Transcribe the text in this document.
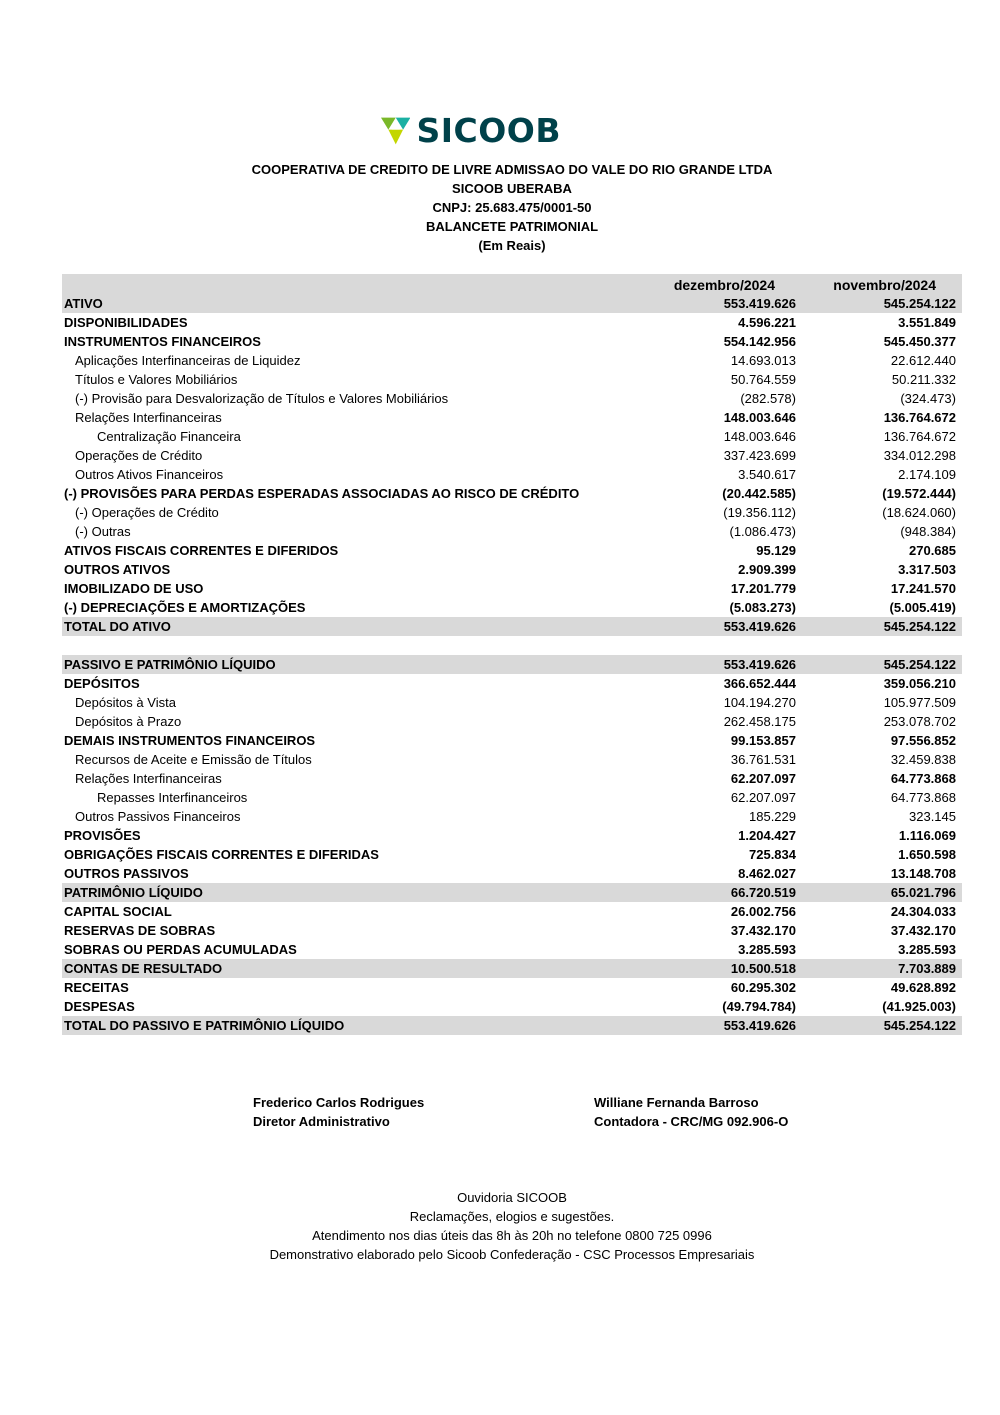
SICOOB
COOPERATIVA DE CREDITO DE LIVRE ADMISSAO DO VALE DO RIO GRANDE LTDA
SICOOB UBERABA
CNPJ: 25.683.475/0001-50
BALANCETE PATRIMONIAL
(Em Reais)
dezembro/2024	novembro/2024
ATIVO	553.419.626	545.254.122
DISPONIBILIDADES	4.596.221	3.551.849
INSTRUMENTOS FINANCEIROS	554.142.956	545.450.377
Aplicações Interfinanceiras de Liquidez	14.693.013	22.612.440
Títulos e Valores Mobiliários	50.764.559	50.211.332
(-) Provisão para Desvalorização de Títulos e Valores Mobiliários	(282.578)	(324.473)
Relações Interfinanceiras	148.003.646	136.764.672
Centralização Financeira	148.003.646	136.764.672
Operações de Crédito	337.423.699	334.012.298
Outros Ativos Financeiros	3.540.617	2.174.109
(-) PROVISÕES PARA PERDAS ESPERADAS ASSOCIADAS AO RISCO DE CRÉDITO	(20.442.585)	(19.572.444)
(-) Operações de Crédito	(19.356.112)	(18.624.060)
(-) Outras	(1.086.473)	(948.384)
ATIVOS FISCAIS CORRENTES E DIFERIDOS	95.129	270.685
OUTROS ATIVOS	2.909.399	3.317.503
IMOBILIZADO DE USO	17.201.779	17.241.570
(-) DEPRECIAÇÕES E AMORTIZAÇÕES	(5.083.273)	(5.005.419)
TOTAL DO ATIVO	553.419.626	545.254.122
PASSIVO E PATRIMÔNIO LÍQUIDO	553.419.626	545.254.122
DEPÓSITOS	366.652.444	359.056.210
Depósitos à Vista	104.194.270	105.977.509
Depósitos à Prazo	262.458.175	253.078.702
DEMAIS INSTRUMENTOS FINANCEIROS	99.153.857	97.556.852
Recursos de Aceite e Emissão de Títulos	36.761.531	32.459.838
Relações Interfinanceiras	62.207.097	64.773.868
Repasses Interfinanceiros	62.207.097	64.773.868
Outros Passivos Financeiros	185.229	323.145
PROVISÕES	1.204.427	1.116.069
OBRIGAÇÕES FISCAIS CORRENTES E DIFERIDAS	725.834	1.650.598
OUTROS PASSIVOS	8.462.027	13.148.708
PATRIMÔNIO LÍQUIDO	66.720.519	65.021.796
CAPITAL SOCIAL	26.002.756	24.304.033
RESERVAS DE SOBRAS	37.432.170	37.432.170
SOBRAS OU PERDAS ACUMULADAS	3.285.593	3.285.593
CONTAS DE RESULTADO	10.500.518	7.703.889
RECEITAS	60.295.302	49.628.892
DESPESAS	(49.794.784)	(41.925.003)
TOTAL DO PASSIVO E PATRIMÔNIO LÍQUIDO	553.419.626	545.254.122
Frederico Carlos Rodrigues
Diretor Administrativo
Williane Fernanda Barroso
Contadora - CRC/MG 092.906-O
Ouvidoria SICOOB
Reclamações, elogios e sugestões.
Atendimento nos dias úteis das 8h às 20h no telefone 0800 725 0996
Demonstrativo elaborado pelo Sicoob Confederação - CSC Processos Empresariais
